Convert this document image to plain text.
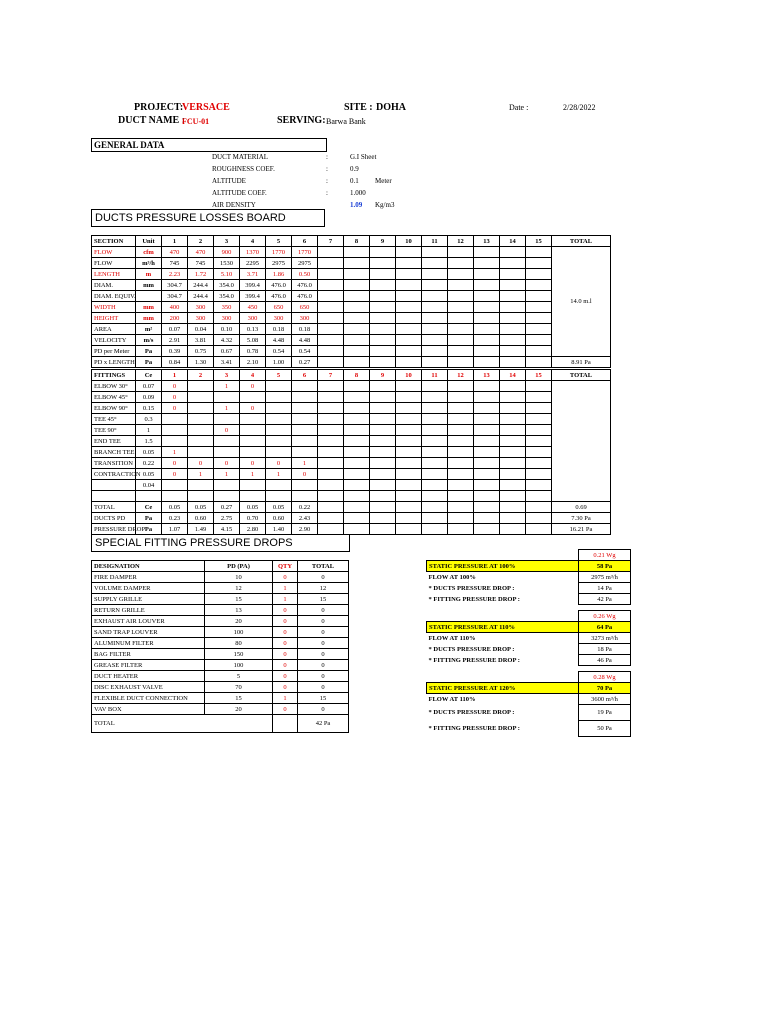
PROJECT:
VERSACE	SITE : DOHA	Date :	2/28/2022
DUCT NAME :
FCU-01	SERVING: Barwa Bank
GENERAL DATA
DUCT MATERIAL	:	G.I Sheet
ROUGHNESS COEF.	:	0.9
ALTITUDE	:	0.1 Meter
ALTITUDE COEF.	:	1.000
AIR DENSITY	1.09 Kg/m3
DUCTS PRESSURE LOSSES BOARD
SECTION	Unit	1	2	3	4	5	6	7	8	9	10	11	12	13	14	15	TOTAL
FLOW	cfm	470	470	900	1370	1770	1770										14.0 m.l
FLOW	m³/h	745	745	1530	2295	2975	2975										
LENGTH	m	2.23	1.72	5.10	3.71	1.86	0.50										
DIAM.	mm	304.7	244.4	354.0	399.4	476.0	476.0										
DIAM. EQUIV.		304.7	244.4	354.0	399.4	476.0	476.0										
WIDTH	mm	400	300	350	450	650	650										
HEIGHT	mm	200	300	300	300	300	300										
AREA	m²	0.07	0.04	0.10	0.13	0.18	0.18										
VELOCITY	m/s	2.91	3.81	4.32	5.08	4.48	4.48										
PD per Meter	Pa	0.39	0.75	0.67	0.78	0.54	0.54										
PD x LENGTH	Pa	0.84	1.30	3.41	2.10	1.00	0.27										8.91 Pa
FITTINGS	Ce	1	2	3	4	5	6	7	8	9	10	11	12	13	14	15	TOTAL
ELBOW 30°	0.07	0		1	0												
ELBOW 45°	0.09	0															
ELBOW 90°	0.15	0		1	0												
TEE 45°	0.3																
TEE 90°	1			0													
END TEE	1.5																
BRANCH TEE	0.05	1															
TRANSITION	0.22	0	0	0	0	0	1										
CONTRACTION	0.05	0	1	1	1	1	0										
	0.04																

TOTAL	Ce	0.05	0.05	0.27	0.05	0.05	0.22										0.69
DUCTS PD	Pa	0.23	0.60	2.75	0.70	0.60	2.43										7.30 Pa
PRESSURE DROP	Pa	1.07	1.49	4.15	2.80	1.40	2.90										16.21 Pa
SPECIAL FITTING PRESSURE DROPS
DESIGNATION	PD (PA)	QTY	TOTAL
FIRE DAMPER	10	0	0
VOLUME DAMPER	12	1	12
SUPPLY GRILLE	15	1	15
RETURN GRILLE	13	0	0
EXHAUST AIR LOUVER	20	0	0
SAND TRAP LOUVER	100	0	0
ALUMINUM FILTER	80	0	0
BAG FILTER	150	0	0
GREASE FILTER	100	0	0
DUCT HEATER	5	0	0
DISC EXHAUST VALVE	70	0	0
FLEXIBLE DUCT CONNECTION	15	1	15
VAV BOX	20	0	0
TOTAL			42 Pa
	0.21 Wg
STATIC PRESSURE AT 100%	58 Pa
FLOW AT 100%	2975 m³/h
* DUCTS PRESSURE DROP :	14 Pa
* FITTING PRESSURE DROP :	42 Pa
	0.26 Wg
STATIC PRESSURE AT 110%	64 Pa
FLOW AT 110%	3273 m³/h
* DUCTS PRESSURE DROP :	18 Pa
* FITTING PRESSURE DROP :	46 Pa
	0.28 Wg
STATIC PRESSURE AT 120%	70 Pa
FLOW AT 110%	3600 m³/h
* DUCTS PRESSURE DROP :	19 Pa
* FITTING PRESSURE DROP :	50 Pa
